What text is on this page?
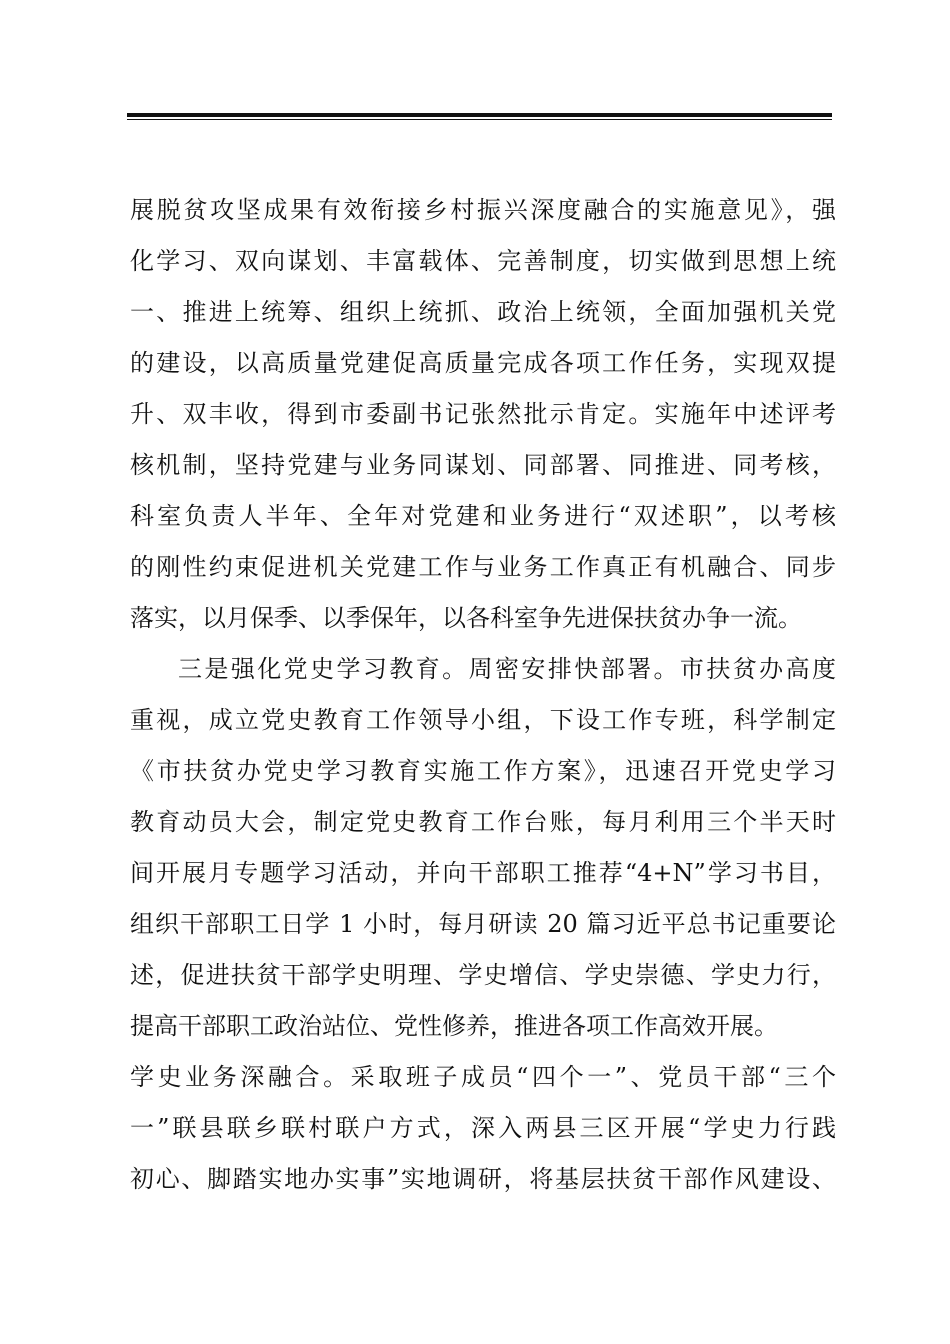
展脱贫攻坚成果有效衔接乡村振兴深度融合的实施意见》，强
化学习、双向谋划、丰富载体、完善制度，切实做到思想上统
一、推进上统筹、组织上统抓、政治上统领，全面加强机关党
的建设，以高质量党建促高质量完成各项工作任务，实现双提
升、双丰收，得到市委副书记张然批示肯定。实施年中述评考
核机制，坚持党建与业务同谋划、同部署、同推进、同考核，
科室负责人半年、全年对党建和业务进行“双述职”，以考核
的刚性约束促进机关党建工作与业务工作真正有机融合、同步
落实，以月保季、以季保年，以各科室争先进保扶贫办争一流。
三是强化党史学习教育。周密安排快部署。市扶贫办高度
重视，成立党史教育工作领导小组，下设工作专班，科学制定
《市扶贫办党史学习教育实施工作方案》，迅速召开党史学习
教育动员大会，制定党史教育工作台账，每月利用三个半天时
间开展月专题学习活动，并向干部职工推荐“4+N”学习书目，
组织干部职工日学 1 小时，每月研读 20 篇习近平总书记重要论
述，促进扶贫干部学史明理、学史增信、学史崇德、学史力行，
提高干部职工政治站位、党性修养，推进各项工作高效开展。
学史业务深融合。采取班子成员“四个一”、党员干部“三个
一”联县联乡联村联户方式，深入两县三区开展“学史力行践
初心、脚踏实地办实事”实地调研，将基层扶贫干部作风建设、
